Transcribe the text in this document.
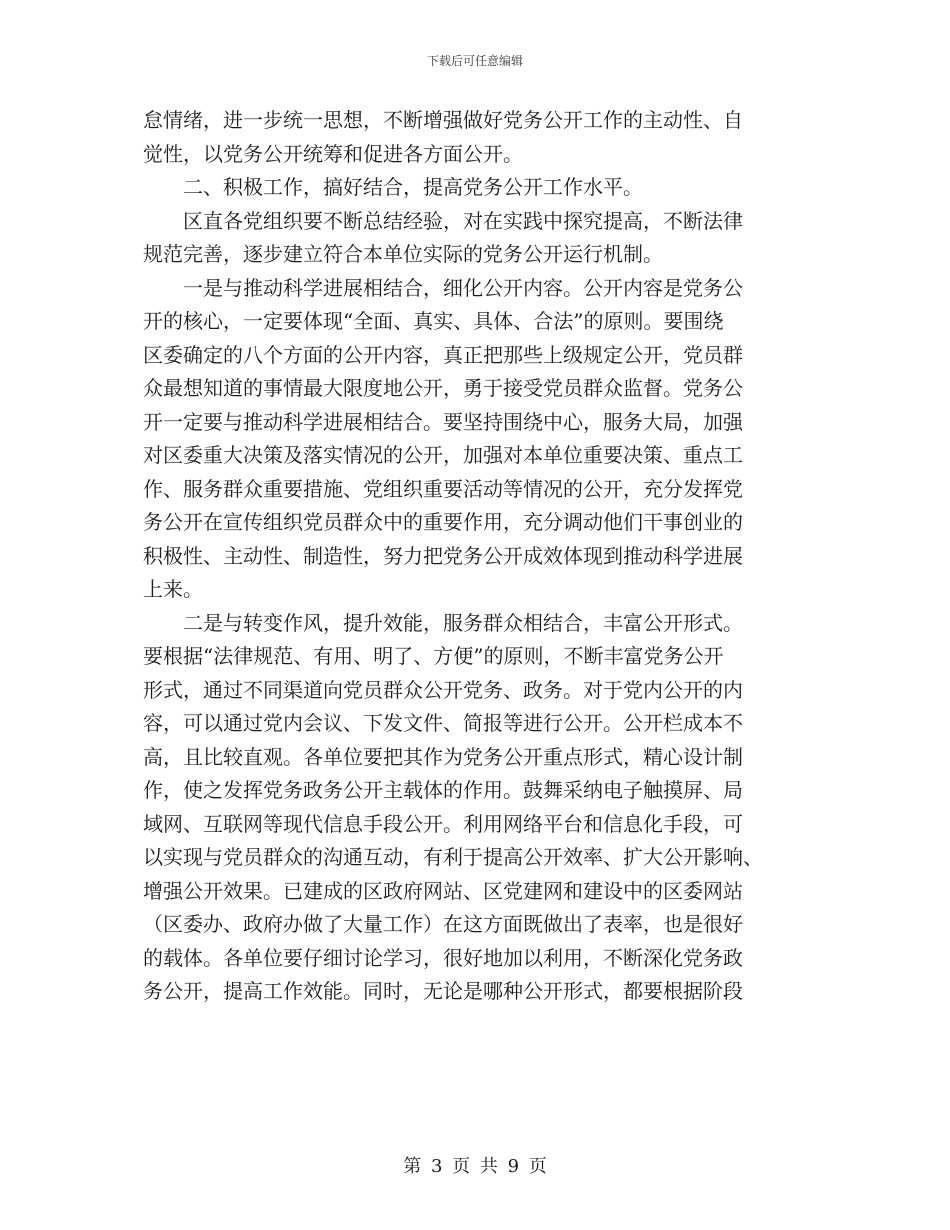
下载后可任意编辑
怠情绪，进一步统一思想，不断增强做好党务公开工作的主动性、自
觉性，以党务公开统筹和促进各方面公开。
二、积极工作，搞好结合，提高党务公开工作水平。
区直各党组织要不断总结经验，对在实践中探究提高，不断法律
规范完善，逐步建立符合本单位实际的党务公开运行机制。
一是与推动科学进展相结合，细化公开内容。公开内容是党务公
开的核心，一定要体现“全面、真实、具体、合法”的原则。要围绕
区委确定的八个方面的公开内容，真正把那些上级规定公开，党员群
众最想知道的事情最大限度地公开，勇于接受党员群众监督。党务公
开一定要与推动科学进展相结合。要坚持围绕中心，服务大局，加强
对区委重大决策及落实情况的公开，加强对本单位重要决策、重点工
作、服务群众重要措施、党组织重要活动等情况的公开，充分发挥党
务公开在宣传组织党员群众中的重要作用，充分调动他们干事创业的
积极性、主动性、制造性，努力把党务公开成效体现到推动科学进展
上来。
二是与转变作风，提升效能，服务群众相结合，丰富公开形式。
要根据“法律规范、有用、明了、方便”的原则，不断丰富党务公开
形式，通过不同渠道向党员群众公开党务、政务。对于党内公开的内
容，可以通过党内会议、下发文件、简报等进行公开。公开栏成本不
高，且比较直观。各单位要把其作为党务公开重点形式，精心设计制
作，使之发挥党务政务公开主载体的作用。鼓舞采纳电子触摸屏、局
域网、互联网等现代信息手段公开。利用网络平台和信息化手段，可
以实现与党员群众的沟通互动，有利于提高公开效率、扩大公开影响、
增强公开效果。已建成的区政府网站、区党建网和建设中的区委网站
（区委办、政府办做了大量工作）在这方面既做出了表率，也是很好
的载体。各单位要仔细讨论学习，很好地加以利用，不断深化党务政
务公开，提高工作效能。同时，无论是哪种公开形式，都要根据阶段
第 3 页 共 9 页
